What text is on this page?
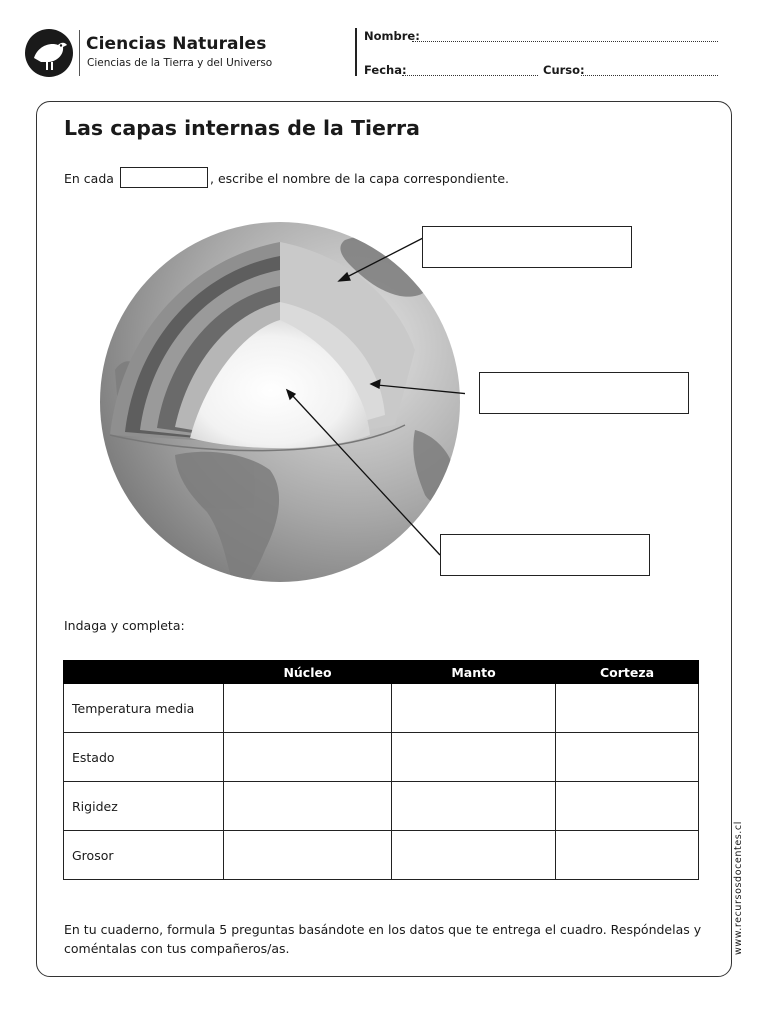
Ciencias Naturales
Ciencias de la Tierra y del Universo
Nombre:
Fecha:	Curso:
Las capas internas de la Tierra
En cada	, escribe el nombre de la capa correspondiente.
Indaga y completa:
	Núcleo	Manto	Corteza
Temperatura media			
Estado			
Rigidez			
Grosor			
En tu cuaderno, formula 5 preguntas basándote en los datos que te entrega el cuadro. Respóndelas y coméntalas con tus compañeros/as.	www.recursosdocentes.cl
